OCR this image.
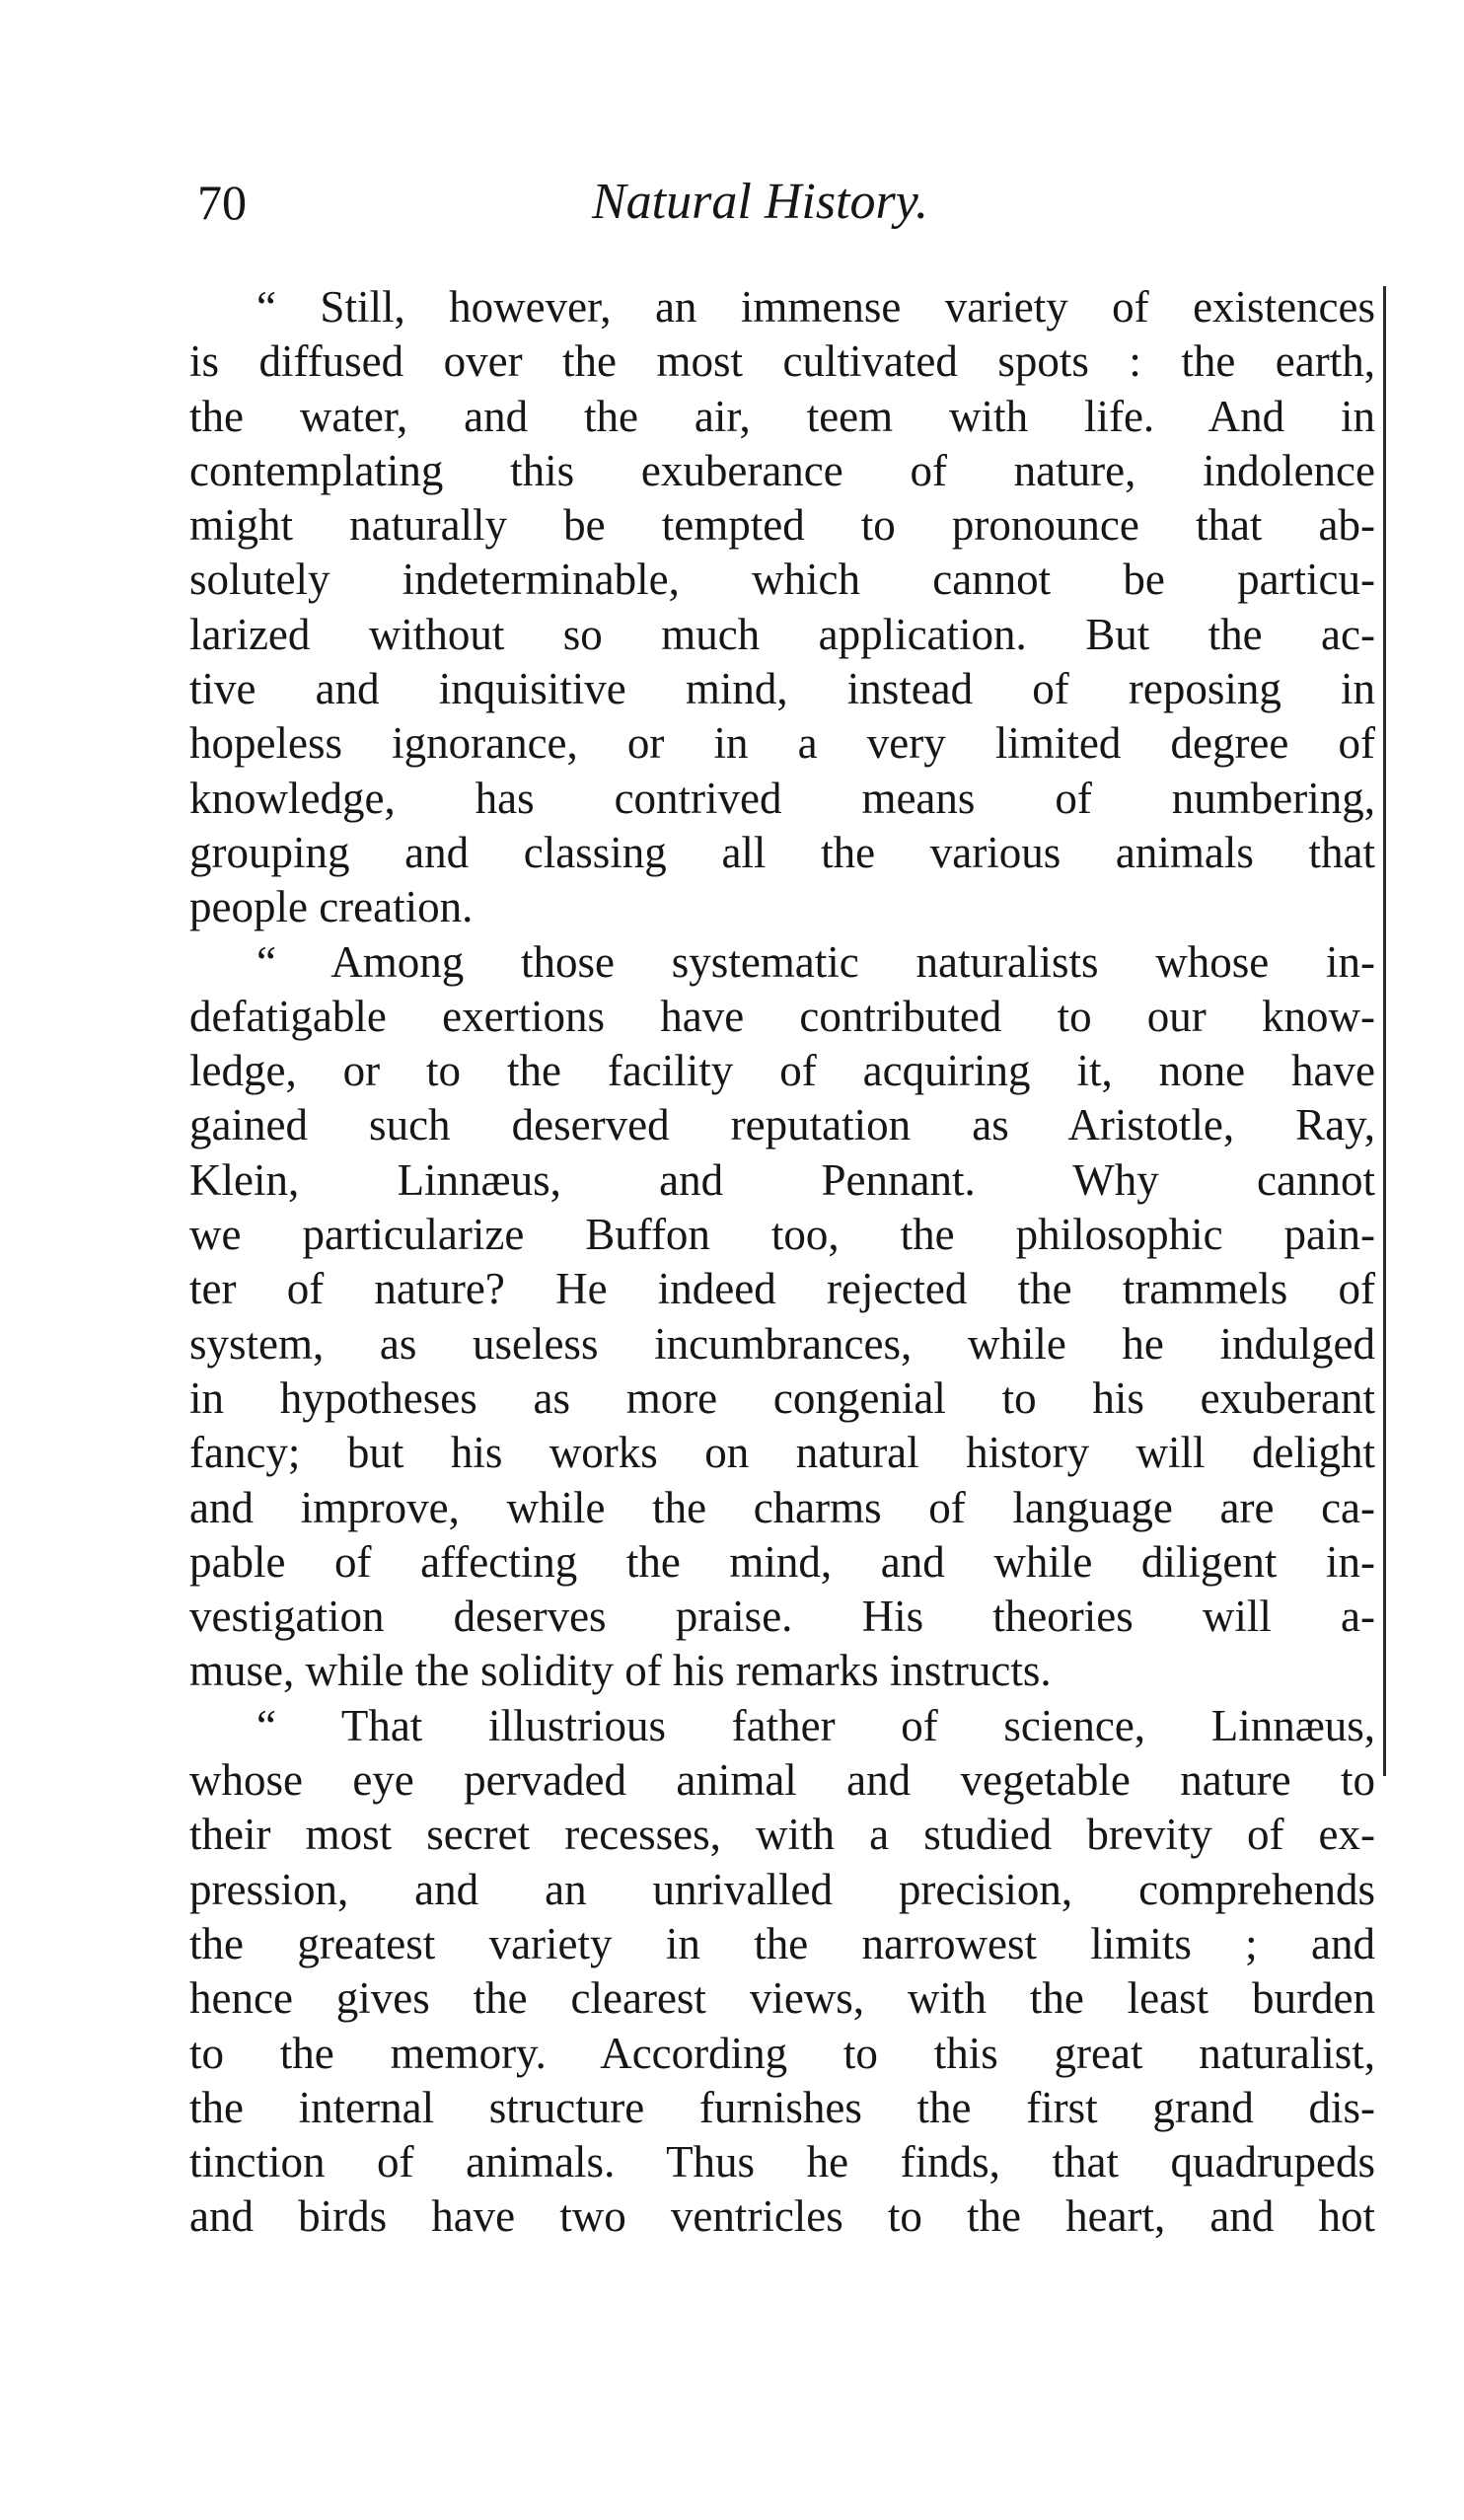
70	Natural History.
“ Still, however, an immense variety of existences
is diffused over the most cultivated spots : the earth,
the water, and the air, teem with life. And in
contemplating this exuberance of nature, indolence
might naturally be tempted to pronounce that ab-
solutely indeterminable, which cannot be particu-
larized without so much application. But the ac-
tive and inquisitive mind, instead of reposing in
hopeless ignorance, or in a very limited degree of
knowledge, has contrived means of numbering,
grouping and classing all the various animals that
people creation.
“ Among those systematic naturalists whose in-
defatigable exertions have contributed to our know-
ledge, or to the facility of acquiring it, none have
gained such deserved reputation as Aristotle, Ray,
Klein, Linnæus, and Pennant. Why cannot
we particularize Buffon too, the philosophic pain-
ter of nature? He indeed rejected the trammels of
system, as useless incumbrances, while he indulged
in hypotheses as more congenial to his exuberant
fancy; but his works on natural history will delight
and improve, while the charms of language are ca-
pable of affecting the mind, and while diligent in-
vestigation deserves praise. His theories will a-
muse, while the solidity of his remarks instructs.
“ That illustrious father of science, Linnæus,
whose eye pervaded animal and vegetable nature to
their most secret recesses, with a studied brevity of ex-
pression, and an unrivalled precision, comprehends
the greatest variety in the narrowest limits ; and
hence gives the clearest views, with the least burden
to the memory. According to this great naturalist,
the internal structure furnishes the first grand dis-
tinction of animals. Thus he finds, that quadrupeds
and birds have two ventricles to the heart, and hot
